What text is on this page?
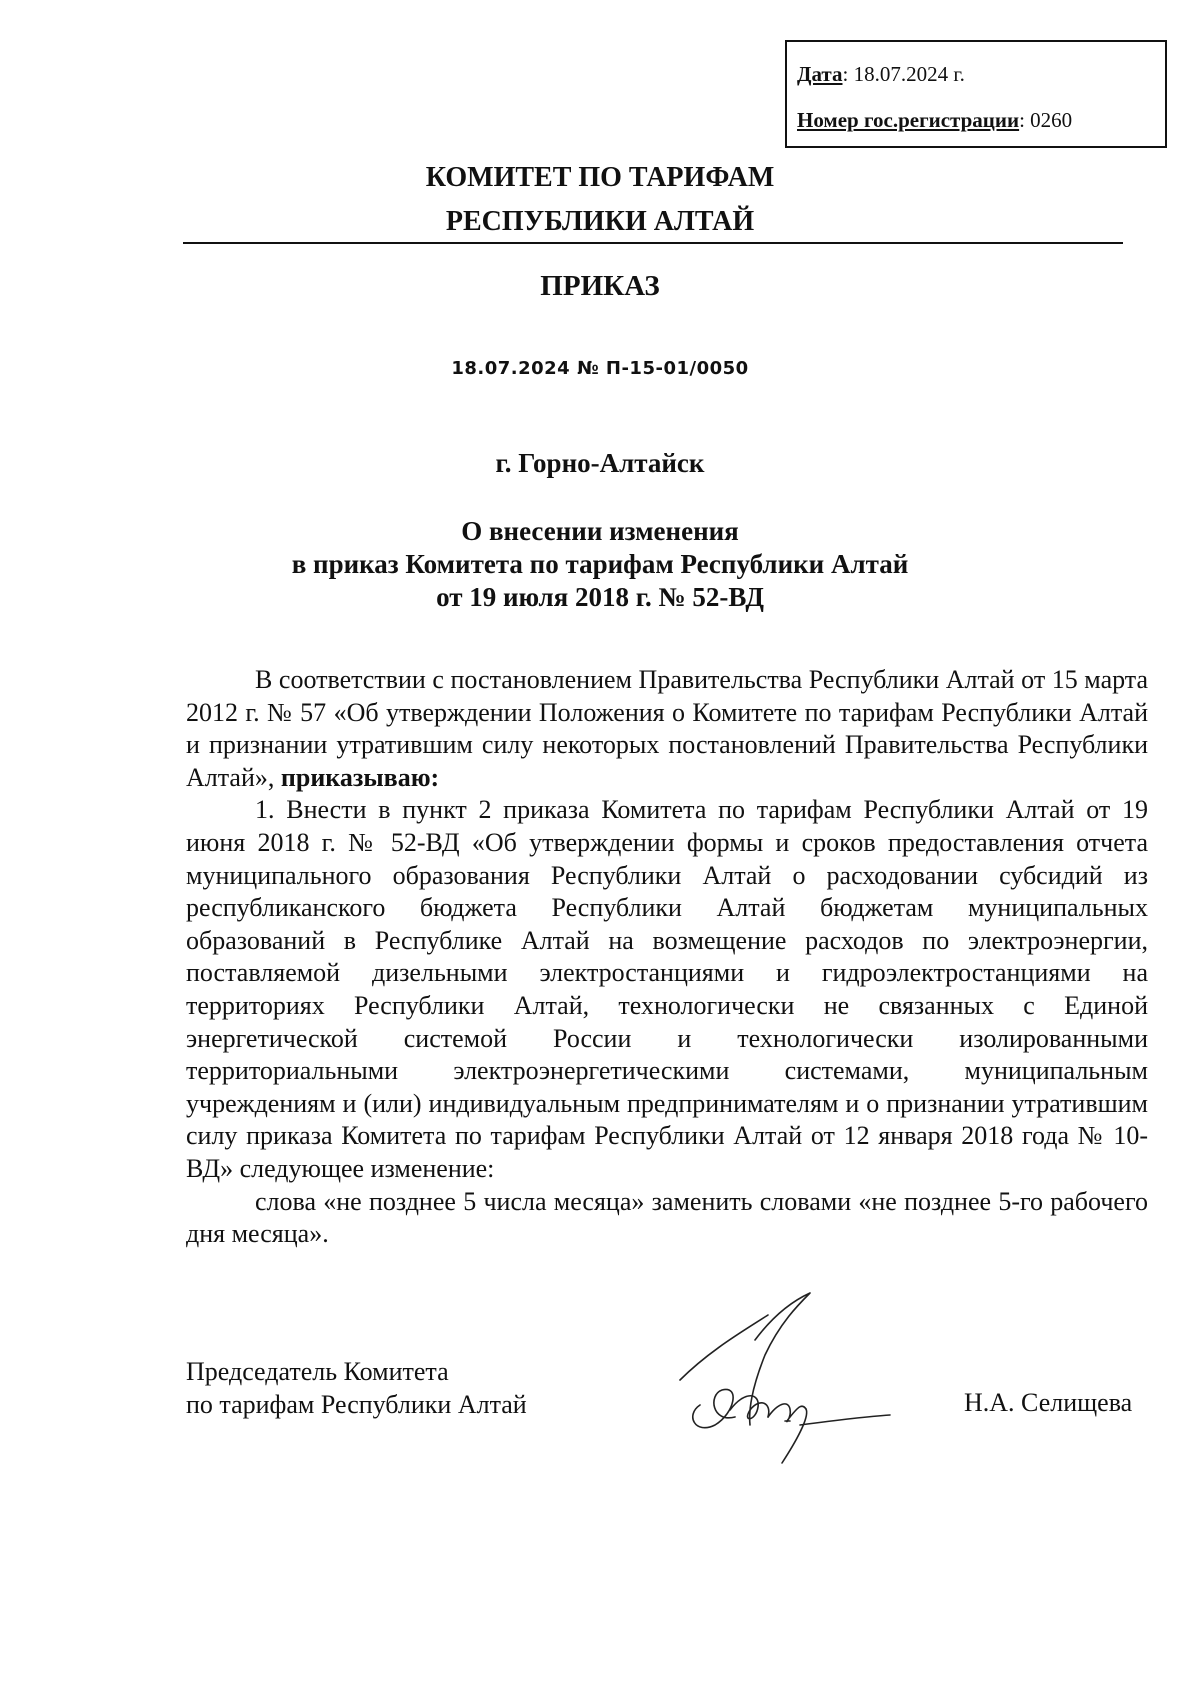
Дата: 18.07.2024 г.
Номер гос.регистрации: 0260
КОМИТЕТ ПО ТАРИФАМ
РЕСПУБЛИКИ АЛТАЙ
ПРИКАЗ
18.07.2024 № П-15-01/0050
г. Горно-Алтайск
О внесении изменения
в приказ Комитета по тарифам Республики Алтай
от 19 июля 2018 г. № 52-ВД

В соответствии с постановлением Правительства Республики Алтай от 15 марта 2012 г. № 57 «Об утверждении Положения о Комитете по тарифам Республики Алтай и признании утратившим силу некоторых постановлений Правительства Республики Алтай», приказываю:

1. Внести в пункт 2 приказа Комитета по тарифам Республики Алтай от 19 июня 2018 г. № 52-ВД «Об утверждении формы и сроков предоставления отчета муниципального образования Республики Алтай о расходовании субсидий из республиканского бюджета Республики Алтай бюджетам муниципальных образований в Республике Алтай на возмещение расходов по электроэнергии, поставляемой дизельными электростанциями и гидроэлектростанциями на территориях Республики Алтай, технологически не связанных с Единой энергетической системой России и технологически изолированными территориальными электроэнергетическими системами, муниципальным учреждениям и (или) индивидуальным предпринимателям и о признании утратившим силу приказа Комитета по тарифам Республики Алтай от 12 января 2018 года № 10-ВД» следующее изменение:

слова «не позднее 5 числа месяца» заменить словами «не позднее 5-го рабочего дня месяца».

Председатель Комитета
по тарифам Республики Алтай	Н.А. Селищева
